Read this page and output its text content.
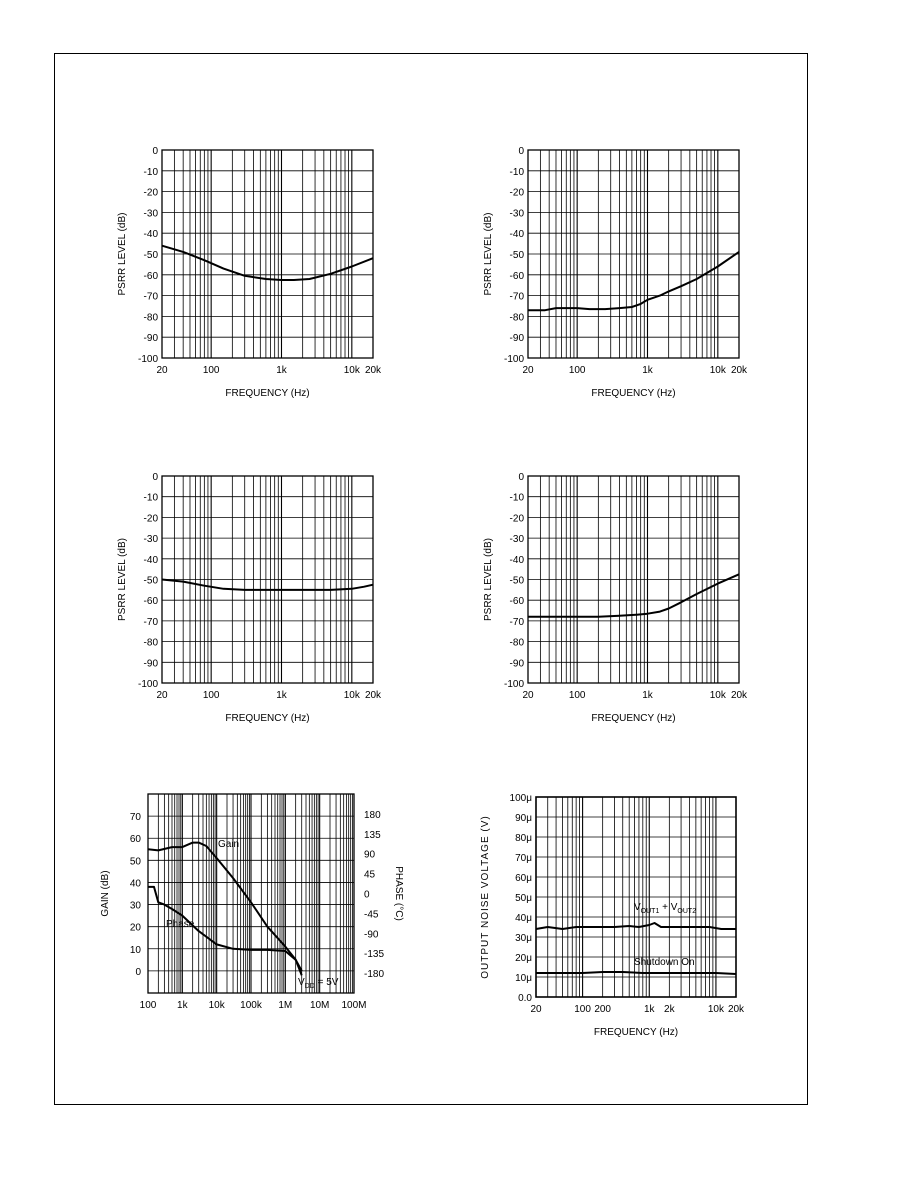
0
-10
-20
-30
-40
-50
-60
-70
-80
-90
-100
20	100	1k	10k 20k
FREQUENCY (Hz)
PSRR LEVEL (dB)
0
-10
-20
-30
-40
-50
-60
-70
-80
-90
-100
20	100	1k	10k 20k
FREQUENCY (Hz)
PSRR LEVEL (dB)
0
-10
-20
-30
-40
-50
-60
-70
-80
-90
-100
20	100	1k	10k 20k
FREQUENCY (Hz)
PSRR LEVEL (dB)
0
-10
-20
-30
-40
-50
-60
-70
-80
-90
-100
20	100	1k	10k 20k
FREQUENCY (Hz)
PSRR LEVEL (dB)
70
60
50
40
30
20
10
0
180
135
90
45
0
-45
-90
-135
-180
100 1k 10k 100k 1M 10M 100M
GAIN (dB)	PHASE (°C)
Gain
Phase
$V_{DD} = 5V$
100μ
90μ
80μ
70μ
60μ
50μ
40μ
30μ
20μ
10μ
0.0
20	100 200	1k 2k	10k 20k
FREQUENCY (Hz)
OUTPUT NOISE VOLTAGE (V)	$V_{OUT1} + V_{OUT2}$
Shutdown On
